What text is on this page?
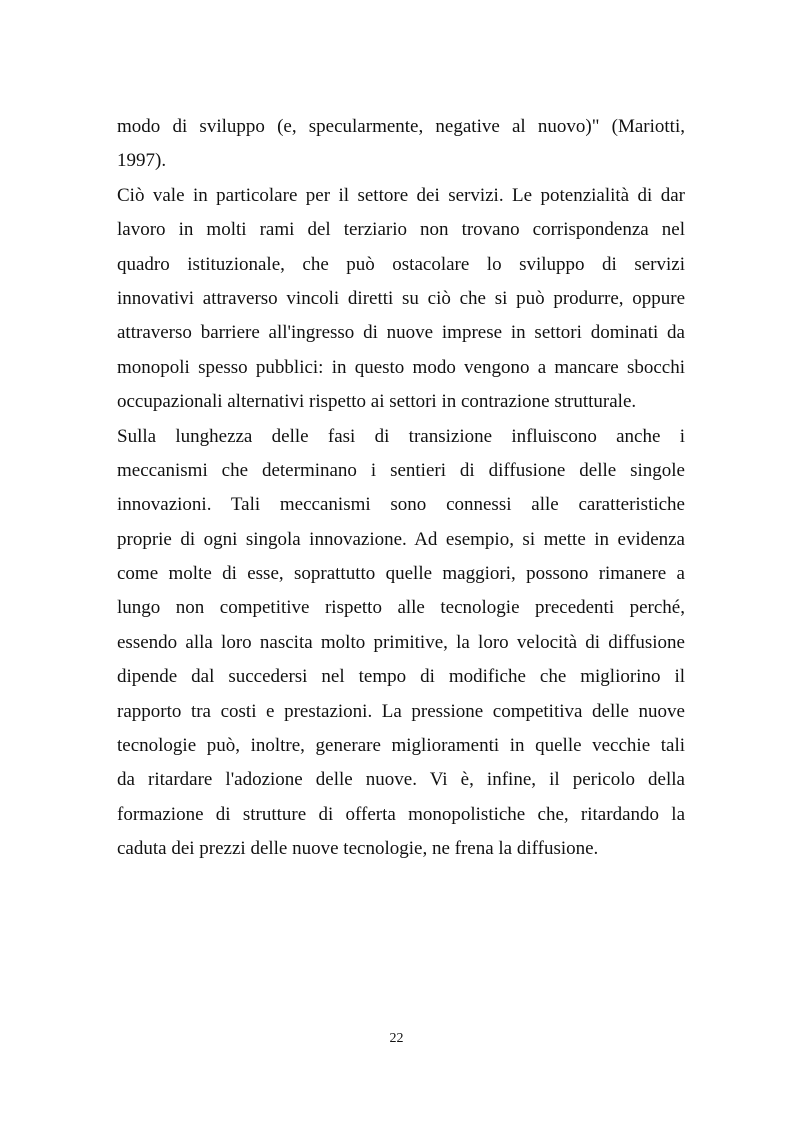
modo di sviluppo (e, specularmente, negative al nuovo)" (Mariotti,
1997).
Ciò vale in particolare per il settore dei servizi. Le potenzialità di dar
lavoro in molti rami del terziario non trovano corrispondenza nel
quadro istituzionale, che può ostacolare lo sviluppo di servizi
innovativi attraverso vincoli diretti su ciò che si può produrre, oppure
attraverso barriere all'ingresso di nuove imprese in settori dominati da
monopoli spesso pubblici: in questo modo vengono a mancare sbocchi
occupazionali alternativi rispetto ai settori in contrazione strutturale.
Sulla lunghezza delle fasi di transizione influiscono anche i
meccanismi che determinano i sentieri di diffusione delle singole
innovazioni. Tali meccanismi sono connessi alle caratteristiche
proprie di ogni singola innovazione. Ad esempio, si mette in evidenza
come molte di esse, soprattutto quelle maggiori, possono rimanere a
lungo non competitive rispetto alle tecnologie precedenti perché,
essendo alla loro nascita molto primitive, la loro velocità di diffusione
dipende dal succedersi nel tempo di modifiche che migliorino il
rapporto tra costi e prestazioni. La pressione competitiva delle nuove
tecnologie può, inoltre, generare miglioramenti in quelle vecchie tali
da ritardare l'adozione delle nuove. Vi è, infine, il pericolo della
formazione di strutture di offerta monopolistiche che, ritardando la
caduta dei prezzi delle nuove tecnologie, ne frena la diffusione.
22
